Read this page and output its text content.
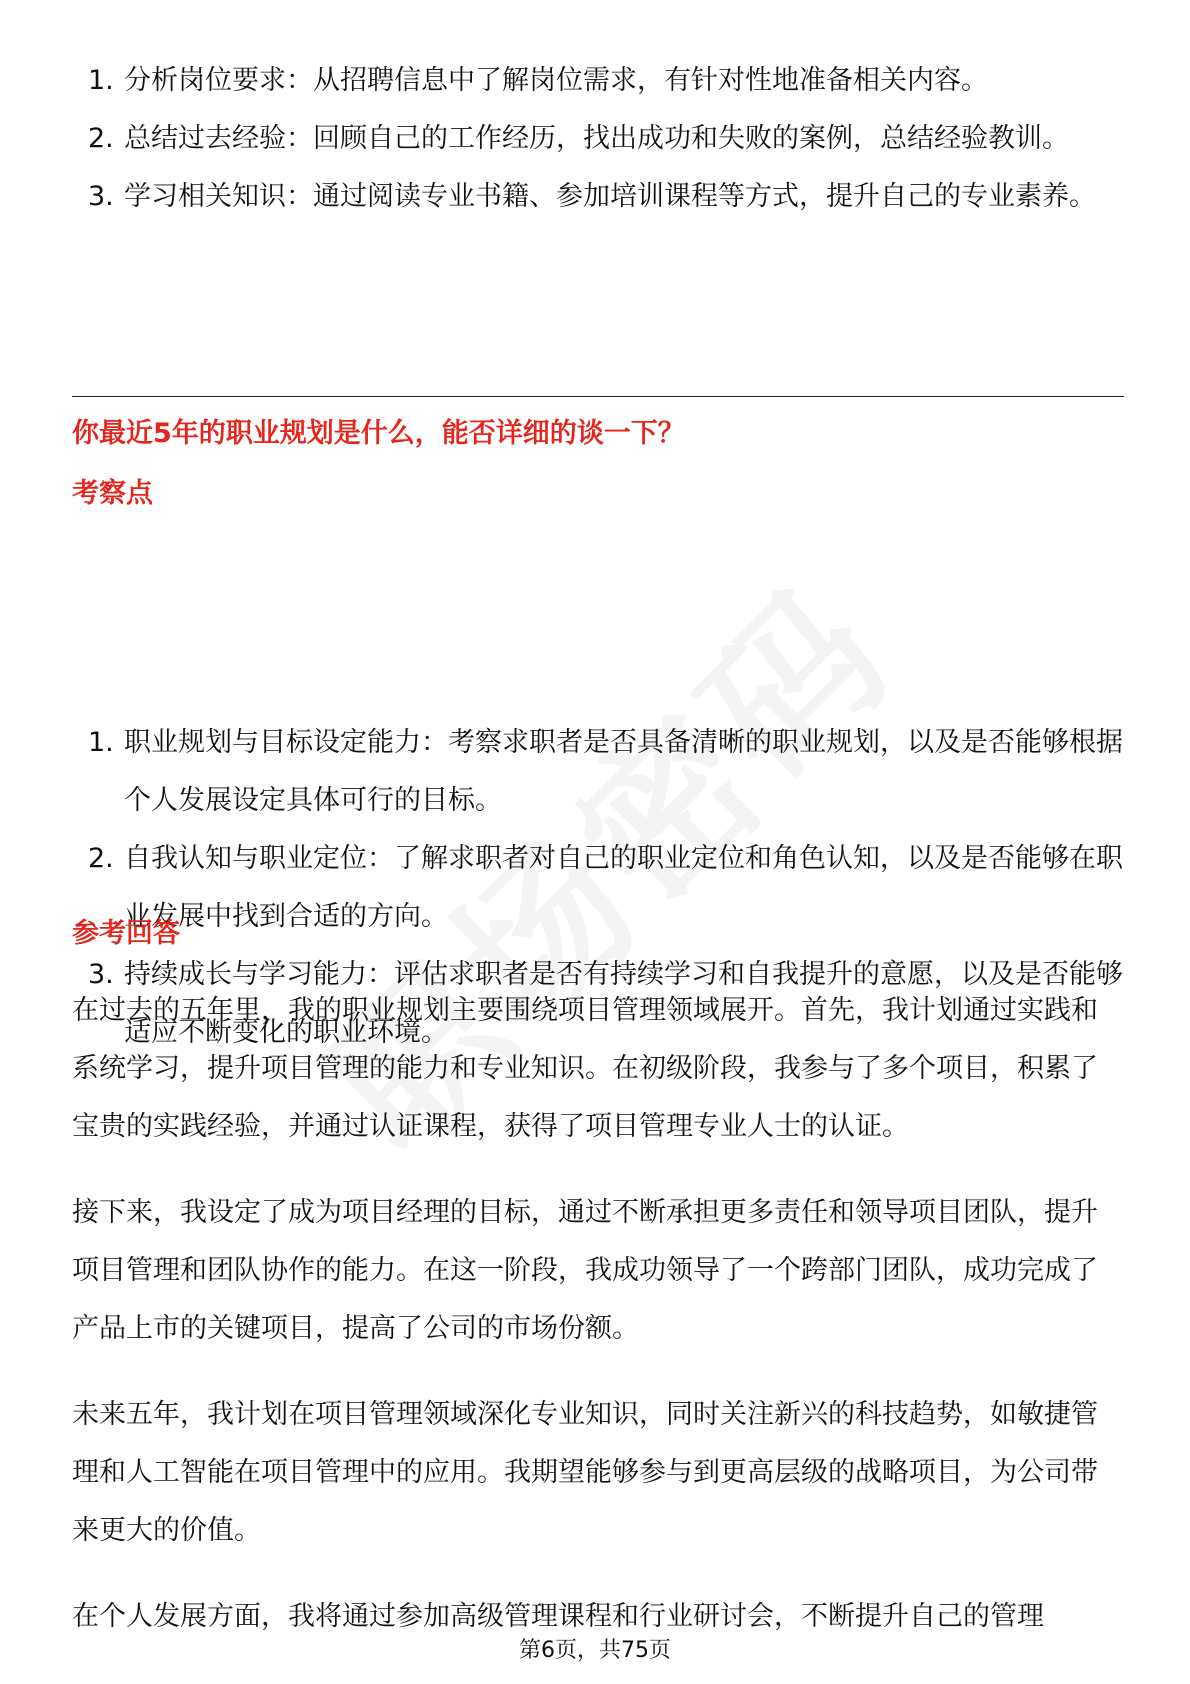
1. 分析岗位要求：从招聘信息中了解岗位需求，有针对性地准备相关内容。
2. 总结过去经验：回顾自己的工作经历，找出成功和失败的案例，总结经验教训。
3. 学习相关知识：通过阅读专业书籍、参加培训课程等方式，提升自己的专业素养。
你最近5年的职业规划是什么，能否详细的谈一下？
考察点
1. 职业规划与目标设定能力：考察求职者是否具备清晰的职业规划，以及是否能够根据个人发展设定具体可行的目标。
2. 自我认知与职业定位：了解求职者对自己的职业定位和角色认知，以及是否能够在职业发展中找到合适的方向。
3. 持续成长与学习能力：评估求职者是否有持续学习和自我提升的意愿，以及是否能够适应不断变化的职业环境。
参考回答

在过去的五年里，我的职业规划主要围绕项目管理领域展开。首先，我计划通过实践和系统学习，提升项目管理的能力和专业知识。在初级阶段，我参与了多个项目，积累了宝贵的实践经验，并通过认证课程，获得了项目管理专业人士的认证。

接下来，我设定了成为项目经理的目标，通过不断承担更多责任和领导项目团队，提升项目管理和团队协作的能力。在这一阶段，我成功领导了一个跨部门团队，成功完成了产品上市的关键项目，提高了公司的市场份额。

未来五年，我计划在项目管理领域深化专业知识，同时关注新兴的科技趋势，如敏捷管理和人工智能在项目管理中的应用。我期望能够参与到更高层级的战略项目，为公司带来更大的价值。

在个人发展方面，我将通过参加高级管理课程和行业研讨会，不断提升自己的管理

第6页，共75页
